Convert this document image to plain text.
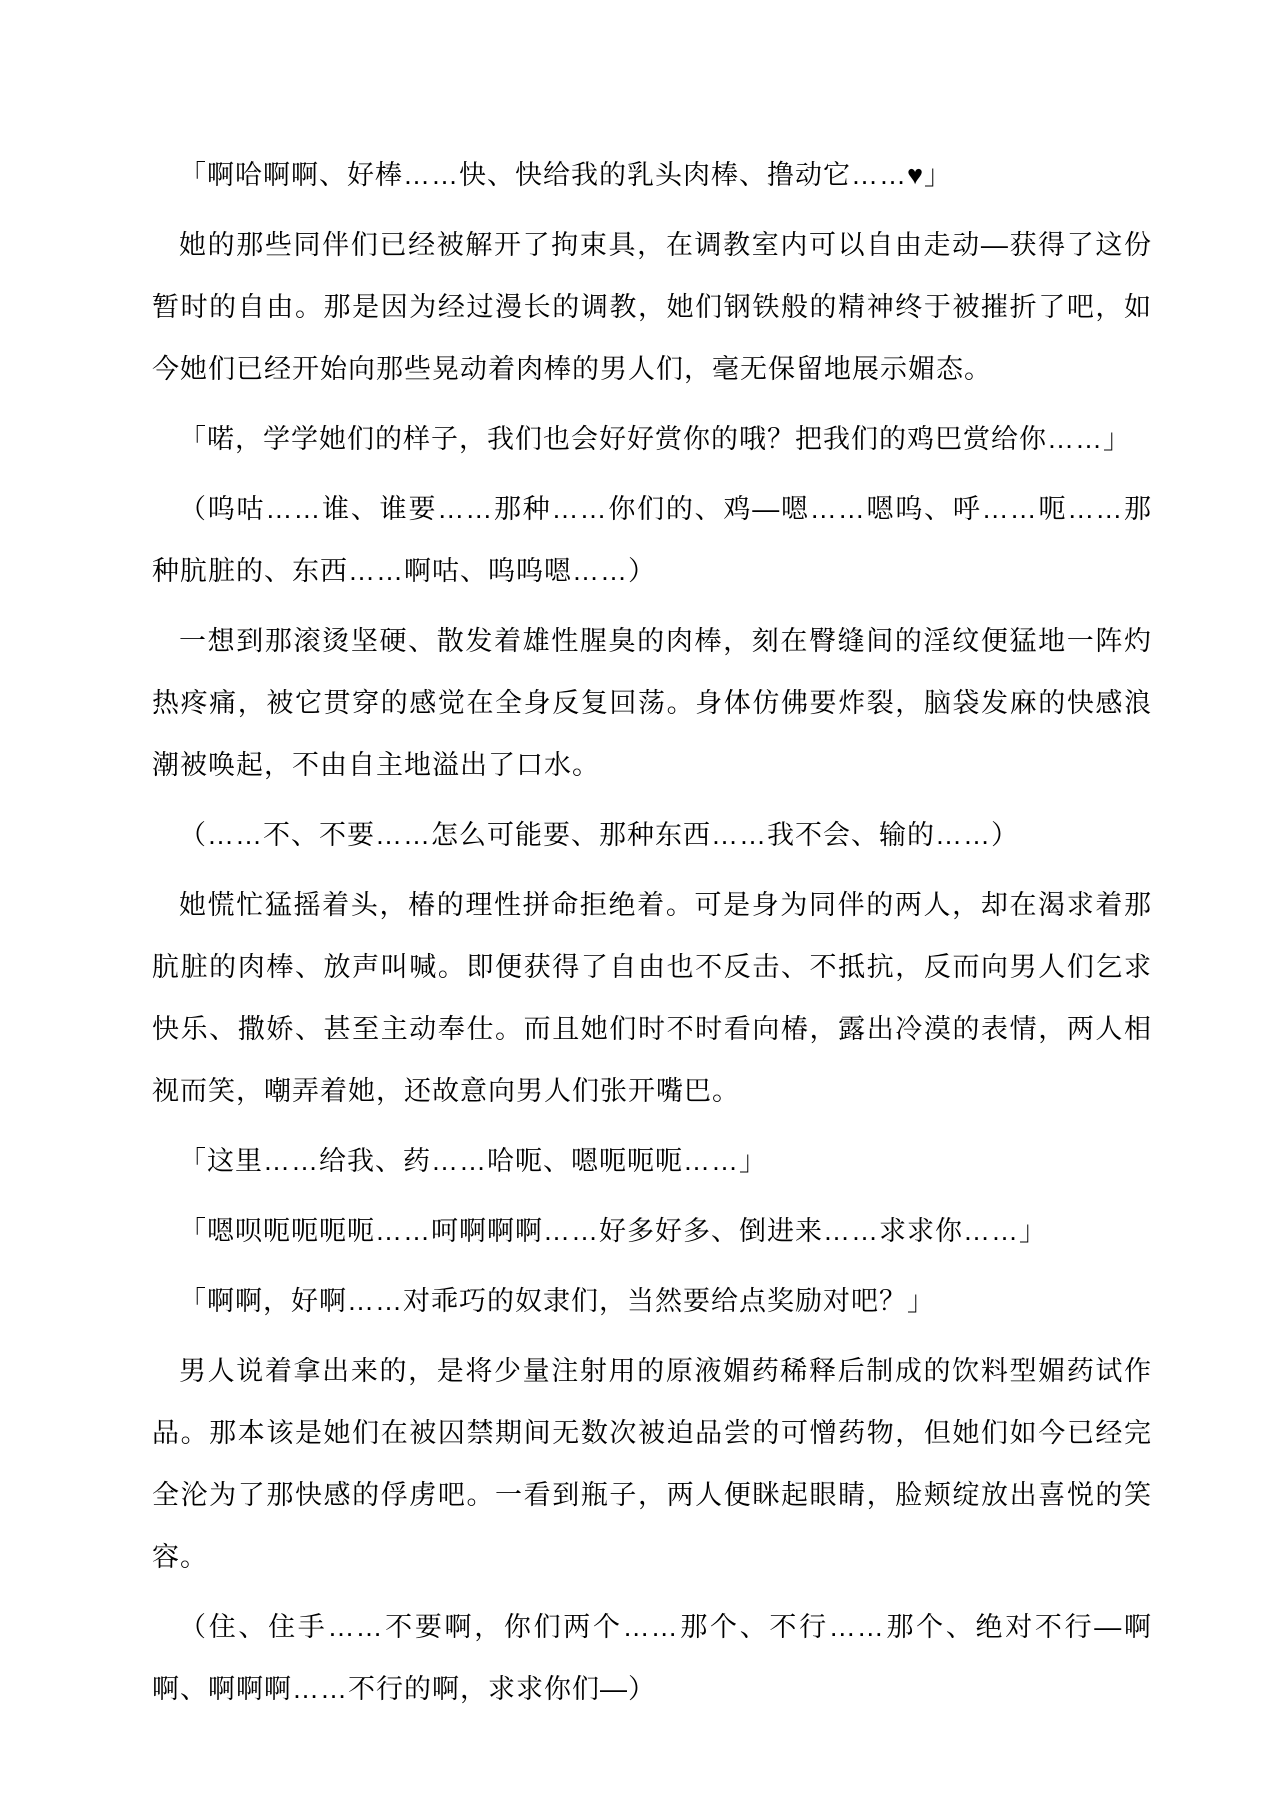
「啊哈啊啊、好棒……快、快给我的乳头肉棒、撸动它……♥」

她的那些同伴们已经被解开了拘束具，在调教室内可以自由走动—获得了这份暂时的自由。那是因为经过漫长的调教，她们钢铁般的精神终于被摧折了吧，如今她们已经开始向那些晃动着肉棒的男人们，毫无保留地展示媚态。

「喏，学学她们的样子，我们也会好好赏你的哦？把我们的鸡巴赏给你……」

（呜咕……谁、谁要……那种……你们的、鸡—嗯……嗯呜、呼……呃……那种肮脏的、东西……啊咕、呜呜嗯……）

一想到那滚烫坚硬、散发着雄性腥臭的肉棒，刻在臀缝间的淫纹便猛地一阵灼热疼痛，被它贯穿的感觉在全身反复回荡。身体仿佛要炸裂，脑袋发麻的快感浪潮被唤起，不由自主地溢出了口水。

（……不、不要……怎么可能要、那种东西……我不会、输的……）

她慌忙猛摇着头，椿的理性拼命拒绝着。可是身为同伴的两人，却在渴求着那肮脏的肉棒、放声叫喊。即便获得了自由也不反击、不抵抗，反而向男人们乞求快乐、撒娇、甚至主动奉仕。而且她们时不时看向椿，露出冷漠的表情，两人相视而笑，嘲弄着她，还故意向男人们张开嘴巴。

「这里……给我、药……哈呃、嗯呃呃呃……」

「嗯呗呃呃呃呃……呵啊啊啊……好多好多、倒进来……求求你……」

「啊啊，好啊……对乖巧的奴隶们，当然要给点奖励对吧？」

男人说着拿出来的，是将少量注射用的原液媚药稀释后制成的饮料型媚药试作品。那本该是她们在被囚禁期间无数次被迫品尝的可憎药物，但她们如今已经完全沦为了那快感的俘虏吧。一看到瓶子，两人便眯起眼睛，脸颊绽放出喜悦的笑容。

（住、住手……不要啊，你们两个……那个、不行……那个、绝对不行—啊啊、啊啊啊……不行的啊，求求你们—）
